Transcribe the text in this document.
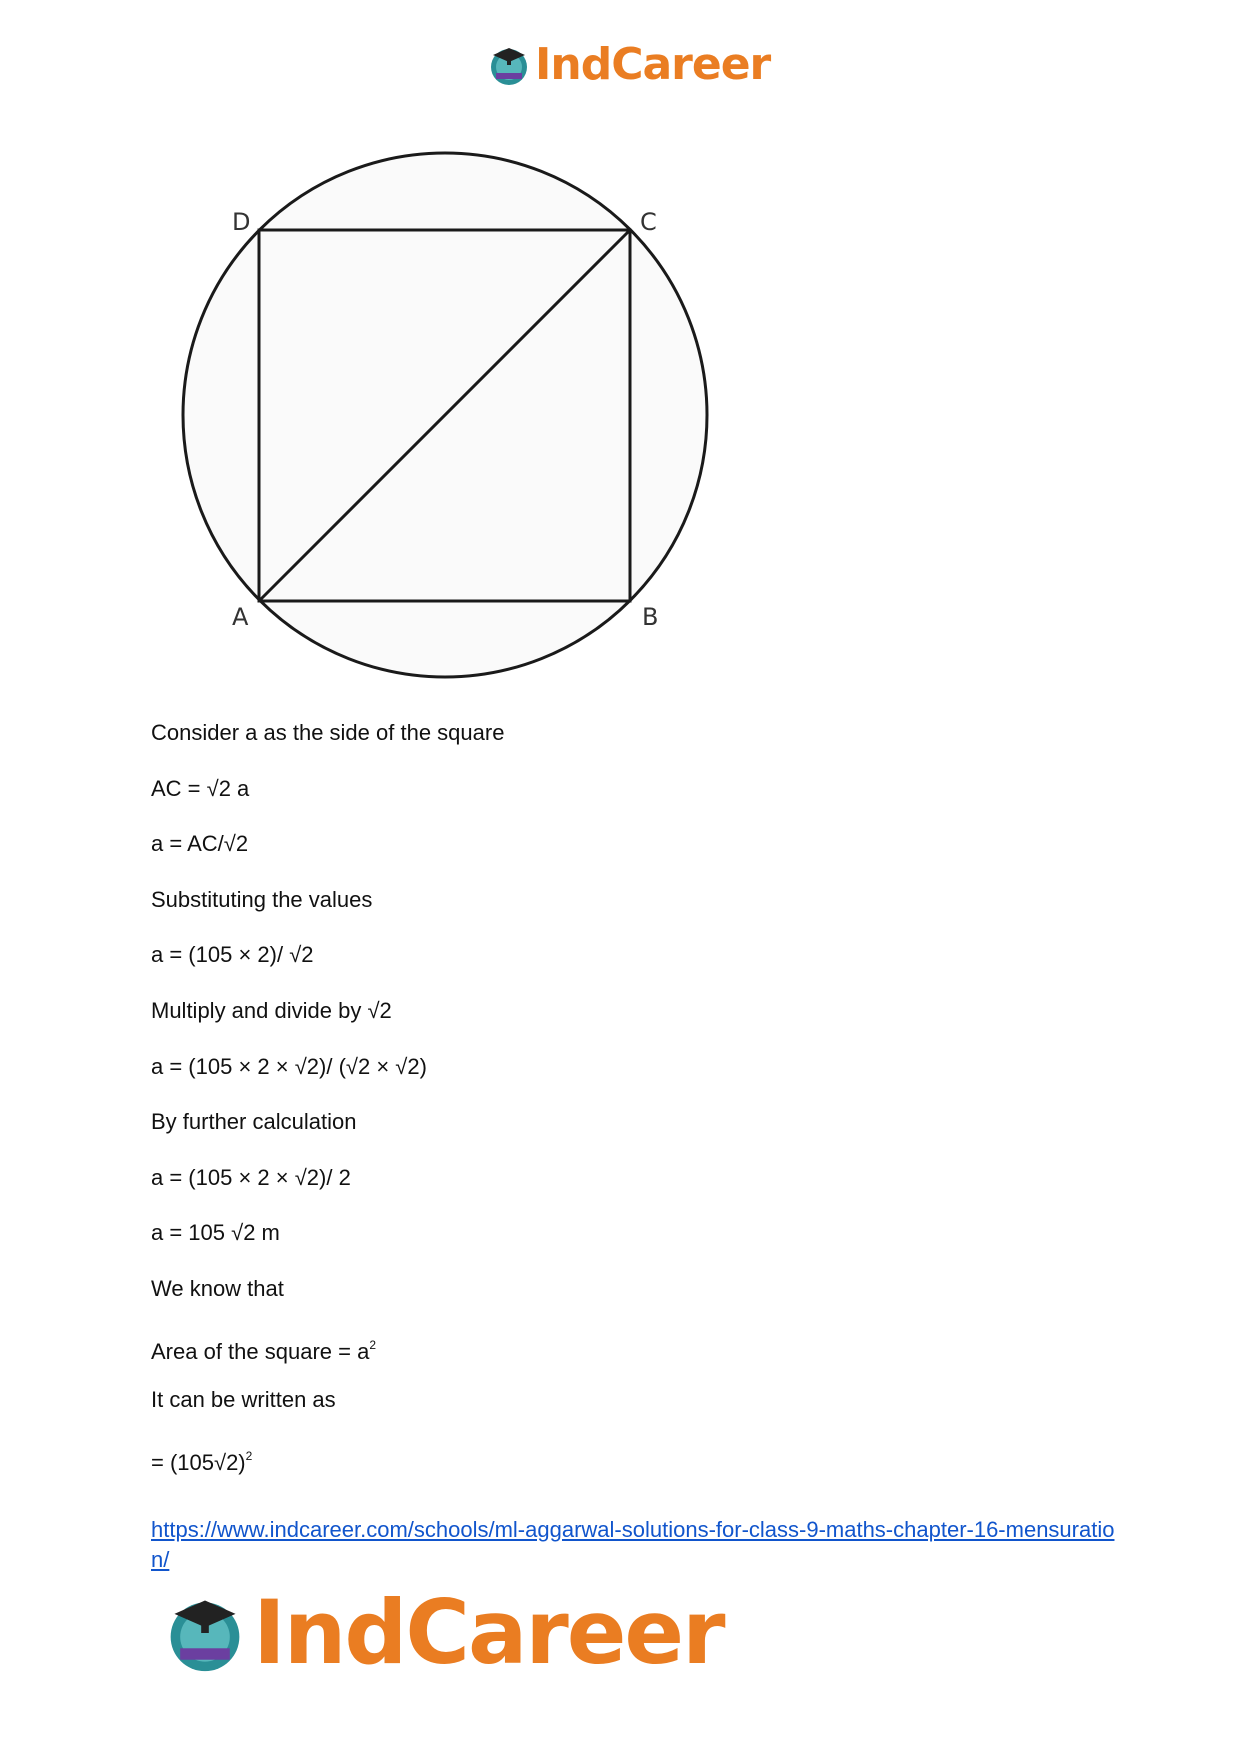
IndCareer
A	B
C
D
Consider a as the side of the square
AC = √2 a
a = AC/√2
Substituting the values
a = (105 × 2)/ √2
Multiply and divide by √2
a = (105 × 2 × √2)/ (√2 × √2)
By further calculation
a = (105 × 2 × √2)/ 2
a = 105 √2 m
We know that
Area of the square = $a^2$
It can be written as
= $(105√2)^2$
https://www.indcareer.com/schools/ml-aggarwal-solutions-for-class-9-maths-chapter-16-mensuration/
IndCareer
